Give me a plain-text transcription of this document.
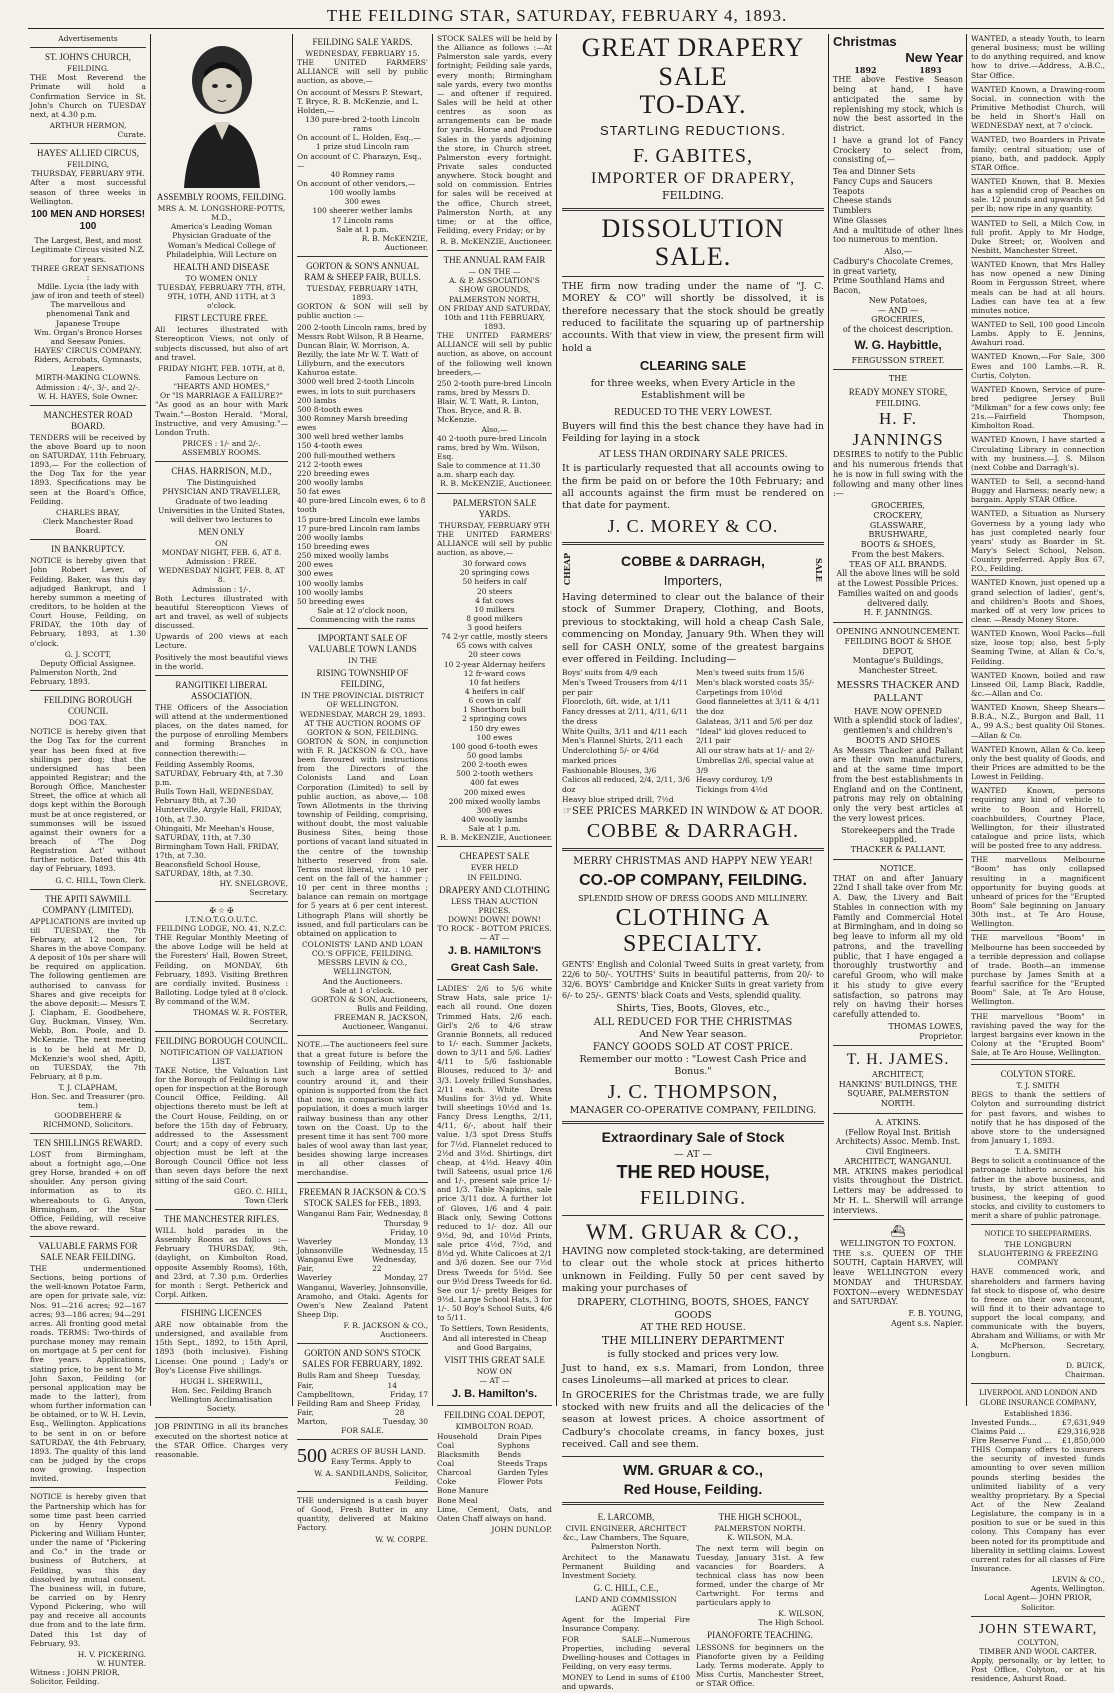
THE FEILDING STAR, SATURDAY, FEBRUARY 4, 1893.
Advertisements
ST. JOHN'S CHURCH,
FEILDING.

THE Most Reverend the Primate will hold a Confirmation Service in St. John's Church on TUESDAY next, at 4.30 p.m.

ARTHUR HERMON,
Curate.
HAYES' ALLIED CIRCUS,
FEILDING,
THURSDAY, FEBRUARY 9TH.

After a most successful season of three weeks in Wellington.

100 MEN AND HORSES! 100
The Largest, Best, and most Legitimate Circus visited N.Z. for years.
THREE GREAT SENSATIONS :
Mdlle. Lycia (the lady with jaw of iron and teeth of steel)
The marvellous and phenomenal Tank and Japanese Troupe
Wm. Organ's Bronco Horses and Seesaw Ponies.
HAYES' CIRCUS COMPANY.
Riders, Acrobats, Gymnasts, Leapers.
MIRTH-MAKING CLOWNS.
Admission : 4/-, 3/-, and 2/-.
W. H. HAYES, Sole Owner.
MANCHESTER ROAD BOARD.

TENDERS will be received by the above Board up to noon on SATURDAY, 11th February, 1893,— For the collection of the Dog Tax for the year 1893. Specifications may be seen at the Board's Office, Feilding.

CHARLES BRAY,
Clerk Manchester Road Board.
IN BANKRUPTCY.

NOTICE is hereby given that John Robert Lever, of Feilding, Baker, was this day adjudged Bankrupt, and I hereby summon a meeting of creditors, to be holden at the Court House, Feilding, on FRIDAY, the 10th day of February, 1893, at 1.30 o'clock.

G. J. SCOTT,
Deputy Official Assignee.
Palmerston North, 2nd February, 1893.
FEILDING BOROUGH COUNCIL
DOG TAX.

NOTICE is hereby given that the Dog Tax for the current year has been fixed at five shillings per dog; that the undersigned has been appointed Registrar; and the Borough Office, Manchester Street, the office at which all dogs kept within the Borough must be at once registered, or summonses will be issued against their owners for a breach of 'The Dog Registration Act' without further notice. Dated this 4th day of February, 1893.

G. C. HILL, Town Clerk.
THE APITI SAWMILL COMPANY (LIMITED).

APPLICATIONS are invited up till TUESDAY, the 7th February, at 12 noon, for Shares in the above Company. A deposit of 10s per share will be required on application. The following gentlemen are authorised to canvass for Shares and give receipts for the above deposit:— Messrs T. J. Clapham, E. Goodbehere, Guy, Buckman, Vinsey, Wm. Webb, Bon. Poole, and D. McKenzie. The next meeting is to be held at Mr D. McKenzie's wool shed, Apiti, on TUESDAY, the 7th February, at 8 p.m.

T. J. CLAPHAM,
Hon. Sec. and Treasurer (pro. tem.)
GOODBEHERE & RICHMOND, Solicitors.
TEN SHILLINGS REWARD.

LOST from Birmingham, about a fortnight ago,—One grey Horse, branded + on off shoulder. Any person giving information as to its whereabouts to G. Anyon, Birmingham, or the Star Office, Feilding, will receive the above reward.

VALUABLE FARMS FOR SALE NEAR FEILDING.

THE undermentioned Sections, being portions of the well-known Potatoe Farm, are open for private sale, viz: Nos. 91—216 acres; 92—167 acres; 93—186 acres; 94—291 acres. All fronting good metal roads. TERMS: Two-thirds of purchase money may remain on mortgage at 5 per cent for five years. Applications, stating price, to be sent to Mr John Saxon, Feilding (or personal application may be made to the latter), from whom further information can be obtained, or to W. H. Levin, Esq., Wellington. Applications to be sent in on or before SATURDAY, the 4th February, 1893. The quality of this land can be judged by the crops now growing. Inspection invited.

NOTICE is hereby given that the Partnership which has for some time past been carried on by Henry Vypond Pickering and William Hunter, under the name of "Pickering and Co." in the trade or business of Butchers, at Feilding, was this day dissolved by mutual consent. The business will, in future, be carried on by Henry Vypond Pickering, who will pay and receive all accounts due from and to the late firm. Dated this 1st day of February, 93.

H. V. PICKERING.
W. HUNTER.
Witness : JOHN PRIOR, Solicitor, Feilding.
ASSEMBLY ROOMS, FEILDING.
MRS A. M. LONGSHORE-POTTS, M.D.,
America's Leading Woman Physician Graduate of the Woman's Medical College of Philadelphia, Will Lecture on
HEALTH AND DISEASE
TO WOMEN ONLY
TUESDAY, FEBRUARY 7TH, 8TH, 9TH, 10TH, AND 11TH, at 3 o'clock.
FIRST LECTURE FREE.

All lectures illustrated with Stereopticon Views, not only of subjects discussed, but also of art and travel.

FRIDAY NIGHT, FEB. 10TH, at 8, Famous Lecture on
"HEARTS AND HOMES,"
Or "IS MARRIAGE A FAILURE?"

"As good as an hour with Mark Twain."—Boston Herald. "Moral, Instructive, and very Amusing."—London Truth.

PRICES : 1/- and 2/-.
ASSEMBLY ROOMS.
CHAS. HARRISON, M.D.,
The Distinguished
PHYSICIAN AND TRAVELLER, Graduate of two leading Universities in the United States, will deliver two lectures to
MEN ONLY
ON
MONDAY NIGHT, FEB. 6, AT 8.
Admission : FREE.
WEDNESDAY NIGHT, FEB. 8, AT 8.
Admission : 1/-.

Both Lectures illustrated with beautiful Stereopticon Views of art and travel, as well of subjects discussed.

Upwards of 200 views at each Lecture.

Positively the most beautiful views in the world.

RANGITIKEI LIBERAL ASSOCIATION.

THE Officers of the Association will attend at the undermentioned places, on the dates named, for the purpose of enrolling Members and forming Branches in connection therewith:—

Feilding Assembly Rooms, SATURDAY, February 4th, at 7.30 p.m.
Bulls Town Hall, WEDNESDAY, February 8th, at 7.30
Hunterville, Argyle Hall, FRIDAY, 10th, at 7.30.
Ohingaiti, Mr Meehan's House, SATURDAY, 11th, at 7.30
Birmingham Town Hall, FRIDAY, 17th, at 7.30.
Beaconsfield School House, SATURDAY, 18th, at 7.30.
HY. SNELGROVE,
Secretary.
✠ ☆ ✠
I.T.N.O.T.G.O.U.T.C.
FEILDING LODGE, NO. 41, N.Z.C.

THE Regular Monthly Meeting of the above Lodge will be held at the Foresters' Hall, Bowen Street, Feilding, on MONDAY, 6th February, 1893. Visiting Brethren are cordially invited. Business : Balloting. Lodge tyled at 8 o'clock. By command of the W.M.

THOMAS W. R. FOSTER,
Secretary.
FEILDING BOROUGH COUNCIL.
NOTIFICATION OF VALUATION LIST.

TAKE Notice, the Valuation List for the Borough of Feilding is now open for inspection at the Borough Council Office, Feilding. All objections thereto must be left at the Court House, Feilding, on or before the 15th day of February, addressed to the Assessment Court; and a copy of every such objection must be left at the Borough Council Office not less than seven days before the next sitting of the said Court.

GEO. C. HILL,
Town Clerk
THE MANCHESTER RIFLES.

WILL hold parades in the Assembly Rooms as follows :— February THURSDAY, 9th, (daylight, on Kimbolton Road, opposite Assembly Rooms), 16th, and 23rd, at 7.30 p.m. Orderlies for month : Sergt. Petherick and Corpl. Aitken.

FISHING LICENCES

ARE now obtainable from the undersigned, and available from 15th Sept., 1892, to 15th April, 1893 (both inclusive). Fishing License: One pound ; Lady's or Boy's License Five shillings.

HUGH L. SHERWILL,
Hon. Sec. Feilding Branch Wellington Acclimatisation Society.

JOB PRINTING in all its branches executed on the shortest notice at the STAR Office. Charges very reasonable.

FEILDING SALE YARDS.
WEDNESDAY, FEBRUARY 15.

THE UNITED FARMERS' ALLIANCE will sell by public auction, as above,—

On account of Messrs P. Stewart, T. Bryce, R. B. McKenzie, and L. Holden,—
130 pure-bred 2-tooth Lincoln rams
On account of L. Holden, Esq.,—
1 prize stud Lincoln ram
On account of C. Pharazyn, Esq.,—
40 Romney rams
On account of other vendors,—
100 woolly lambs
300 ewes
100 sheerer wether lambs
17 Lincoln rams
Sale at 1 p.m.
R. B. McKENZIE,
Auctioneer.
GORTON & SON'S ANNUAL RAM & SHEEP FAIR, BULLS.
TUESDAY, FEBRUARY 14TH, 1893.

GORTON & SON will sell by public auction :—

200 2-tooth Lincoln rams, bred by Messrs Robt Wilson, R B Hearne, Duncan Blair, W. Morrison, A. Bezilly, the late Mr W. T. Watt of Lillyburn, and the executors Kahuroa estate.
3000 well bred 2-tooth Lincoln ewes, in lots to suit purchasers
200 lambs
500 8-tooth ewes
300 Romney Marsh breeding ewes
300 well bred wether lambs
150 4-tooth ewes
200 full-mouthed wethers
212 2-tooth ewes
220 breeding ewes
200 woolly lambs
50 fat ewes
40 pure-bred Lincoln ewes, 6 to 8 tooth
15 pure-bred Lincoln ewe lambs
17 pure-bred Lincoln ram lambs
200 woolly lambs
150 breeding ewes
250 mixed woolly lambs
200 ewes
300 ewes
100 woolly lambs
100 woolly lambs
50 breeding ewes
Sale at 12 o'clock noon, Commencing with the rams
IMPORTANT SALE OF VALUABLE TOWN LANDS
IN THE
RISING TOWNSHIP OF FEILDING,
IN THE PROVINCIAL DISTRICT OF WELLINGTON.
WEDNESDAY, MARCH 29, 1893.
AT THE AUCTION ROOMS OF GORTON & SON, FEILDING.

GORTON & SON, in conjunction with F. R. JACKSON & CO., have been favoured with instructions from the Directors of the Colonists Land and Loan Corporation (Limited) to sell by public auction, as above,— 108 Town Allotments in the thriving township of Feilding, comprising, without doubt, the most valuable Business Sites, being those portions of vacant land situated in the centre of the township hitherto reserved from sale. Terms most liberal, viz. : 10 per cent on the fall of the hammer ; 10 per cent in three months ; balance can remain on mortgage for 5 years at 6 per cent interest. Lithograph Plans will shortly be issued, and full particulars can be obtained on application to

COLONISTS' LAND AND LOAN CO.'S OFFICE, FEILDING.
MESSRS LEVIN & CO., WELLINGTON,
And the Auctioneers.
Sale at 1 o'clock.
GORTON & SON, Auctioneers, Bulls and Feilding.
FREEMAN R. JACKSON, Auctioneer, Wanganui.

NOTE.—The auctioneers feel sure that a great future is before the township of Feilding, which has such a large area of settled country around it, and their opinion is supported from the fact that now, in comparison with its population, it does a much larger railway business than any other town on the Coast. Up to the present time it has sent 700 more bales of wool away than last year, besides showing large increases in all other classes of merchandise.

FREEMAN R JACKSON & CO.'S STOCK SALES for FEB., 1893.
Wanganui Ram Fair, Wednesday, 8
Thursday, 9
Friday, 10
Waverley	Monday, 13
Johnsonville	Wednesday, 15
Wanganui Ewe Fair,
Wednesday, 22
Waverley	Monday, 27

Wanganui, Waverley, Johnsonville, Aramoho, and Otaki. Agents for Owen's New Zealand Patent Sheep Dip.

F. R. JACKSON & CO., Auctioneers.
GORTON AND SON'S STOCK SALES FOR FEBRUARY, 1892.
Bulls Ram and Sheep Fair,
Tuesday, 14
Campbelltown,	Friday, 17
Feilding Ram and Sheep Fair,
Friday, 28
Marton,	Tuesday, 30
FOR SALE.
500 ACRES OF BUSH LAND. Easy Terms. Apply to
W. A. SANDILANDS, Solicitor, Feilding.

THE undersigned is a cash buyer of Good, Fresh Butter in any quantity, delivered at Makino Factory.

W. W. CORPE.

STOCK SALES will be held by the Alliance as follows :—At Palmerston sale yards, every fortnight; Feilding sale yards, every month; Birmingham sale yards, every two months — and oftener if required. Sales will be held at other centres as soon as arrangements can be made for yards. Horse and Produce Sales in the yards adjoining the store, in Church street, Palmerston every fortnight. Private sales conducted anywhere. Stock bought and sold on commission. Entries for sales will be received at the office, Church street, Palmerston North, at any time; or at the office, Feilding, every Friday; or by

R. B. McKENZIE, Auctioneer.
THE ANNUAL RAM FAIR
— ON THE —
A. & P. ASSOCIATION'S SHOW GROUNDS, PALMERSTON NORTH,
ON FRIDAY AND SATURDAY, 10th and 11th FEBRUARY, 1893.

THE UNITED FARMERS' ALLIANCE will sell by public auction, as above, on account of the following well known breeders,—

250 2-tooth pure-bred Lincoln rams, bred by Messrs D. Blair, W. T. Watt, R. Linton, Thos. Bryce, and R. B. McKenzie.
Also,—
40 2-tooth pure-bred Lincoln rams, bred by Wm. Wilson, Esq.
Sale to commence at 11.30 a.m. sharp each day.
R. B. McKENZIE, Auctioneer.
PALMERSTON SALE YARDS.
THURSDAY, FEBRUARY 9TH

THE UNITED FARMERS' ALLIANCE will sell by public auction, as above,—

30 forward cows
20 springing cows
50 heifers in calf
20 steers
4 fat cows
10 milkers
8 good milkers
3 good heifers
74 2-yr cattle, mostly steers
65 cows with calves
20 steer cows
10 2-year Aldernay heifers
12 fr-ward cows
10 fat heifers
4 heifers in calf
6 cows in calf
1 Shorthorn bull
2 springing cows
150 dry ewes
100 ewes
100 good 6-tooth ewes
50 good lambs
200 2-tooth ewes
500 2-tooth wethers
400 fat ewes
200 mixed ewes
200 mixed woolly lambs
300 ewes
400 woolly lambs
Sale at 1 p.m.
R. B. McKENZIE, Auctioneer.
CHEAPEST SALE
EVER HELD
IN FEILDING.
DRAPERY AND CLOTHING
LESS THAN AUCTION PRICES.
DOWN! DOWN! DOWN!
TO ROCK - BOTTOM PRICES.
— AT —
J. B. HAMILTON'S
Great Cash Sale.

LADIES' 2/6 to 5/6 white Straw Hats, sale price 1/- each all round. One dozen Trimmed Hats, 2/6 each. Girl's 2/6 to 4/6 straw Grannie Bonnets, all reduced to 1/- each. Summer Jackets, down to 3/11 and 5/6. Ladies' 4/11 to 5/6 fashionable Blouses, reduced to 3/- and 3/3. Lovely frilled Sunshades, 2/11 each. White Dress Muslins for 3½d yd. White twill sheetings 10½d and 1s. Fancy Dress Lengths, 2/11, 4/11, 6/-, about half their value. 1/3 spot Dress Stuffs for 7½d. Flannelet reduced to 2½d and 3½d. Shirtings, dirt cheap, at 4½d. Heavy 40in twill Sateens, usual price 1/6 and 1/-, present sale price 1/- and 1/3. Table Napkins, sale price 3/11 doz. A further lot of Gloves, 1/6 and 4 pair. Black only, Sewing Cottons reduced to 1/- doz. All our 9½d, 9d, and 10½d Prints, sale price 4½d, 7½d, and 8½d yd. White Calicoes at 2/1 and 3/6 dozen. See our 7½d Dress Tweeds for 5½d. See our 9½d Dress Tweeds for 6d. See our 1/- pretty Beiges for 9½d. Large School Hats, 3 for 1/-. 50 Boy's School Suits, 4/6 to 5/11.

To Settlers, Town Residents, And all interested in Cheap and Good Bargains,
VISIT THIS GREAT SALE
NOW ON
— AT —
J. B. Hamilton's.
FEILDING COAL DEPOT,
KIMBOLTON ROAD.
Household Coal
Blacksmith Coal
Charcoal
Coke
Bone Manure
Bone Meal
Drain Pipes
Syphons
Bends
Steeds Traps
Garden Tyles
Flower Pots

Lime, Cement, Oats, and Oaten Chaff always on hand.

JOHN DUNLOP.
GREAT DRAPERY SALE
TO-DAY.
STARTLING REDUCTIONS.
F. GABITES,
IMPORTER OF DRAPERY,
FEILDING.
DISSOLUTION SALE.

THE firm now trading under the name of "J. C. MOREY & CO" will shortly be dissolved, it is therefore necessary that the stock should be greatly reduced to facilitate the squaring up of partnership accounts. With that view in view, the present firm will hold a

CLEARING SALE
for three weeks, when Every Article in the Establishment will be
REDUCED TO THE VERY LOWEST.

Buyers will find this the best chance they have had in Feilding for laying in a stock

AT LESS THAN ORDINARY SALE PRICES.

It is particularly requested that all accounts owing to the firm be paid on or before the 10th February; and all accounts against the firm must be rendered on that date for payment.

J. C. MOREY & CO.
CHEAP	COBBE & DARRAGH,
Importers,	SALE

Having determined to clear out the balance of their stock of Summer Drapery, Clothing, and Boots, previous to stocktaking, will hold a cheap Cash Sale, commencing on Monday, January 9th. When they will sell for CASH ONLY, some of the greatest bargains ever offered in Feilding. Including—

Boys' suits from 4/9 each
Men's Tweed Trousers from 4/11 per pair
Floorcloth, 6ft. wide, at 1/11
Fancy dresses at 2/11, 4/11, 6/11 the dress
White Quilts, 3/11 and 4/11 each
Men's Flannel Shirts, 2/11 each
Underclothing 5/- or 4/6d marked prices
Fashionable Blouses, 3/6
Calicos all reduced, 2/4, 2/11, 3/6 doz
Heavy blue striped drill, 7½d
Men's tweed suits from 15/6
Men's black worsted coats 35/-
Carpetings from 10½d
Good flannelettes at 3/11 & 4/11 the doz
Galateas, 3/11 and 5/6 per doz
"Ideal" kid gloves reduced to 2/11 pair
All our straw hats at 1/- and 2/-
Umbrellas 2/6, special value at 3/9
Heavy corduroy, 1/9
Tickings from 4½d
☞SEE PRICES MARKED IN WINDOW & AT DOOR.
COBBE & DARRAGH.
MERRY CHRISTMAS AND HAPPY NEW YEAR!
CO.-OP COMPANY, FEILDING.
SPLENDID SHOW OF DRESS GOODS AND MILLINERY.
CLOTHING A SPECIALTY.

GENTS' English and Colonial Tweed Suits in great variety, from 22/6 to 50/-. YOUTHS' Suits in beautiful patterns, from 20/- to 32/6. BOYS' Cambridge and Knicker Suits in great variety from 6/- to 25/-. GENTS' black Coats and Vests, splendid quality.

Shirts, Ties, Boots, Gloves, etc.,
ALL REDUCED FOR THE CHRISTMAS
And New Year season.
FANCY GOODS SOLD AT COST PRICE.
Remember our motto : "Lowest Cash Price and Bonus."
J. C. THOMPSON,
MANAGER CO-OPERATIVE COMPANY, FEILDING.
Extraordinary Sale of Stock
— AT —
THE RED HOUSE,
FEILDING.
WM. GRUAR & CO.,

HAVING now completed stock-taking, are determined to clear out the whole stock at prices hitherto unknown in Feilding. Fully 50 per cent saved by making your purchases of

DRAPERY, CLOTHING, BOOTS, SHOES, FANCY GOODS
AT THE RED HOUSE.
THE MILLINERY DEPARTMENT
is fully stocked and prices very low.

Just to hand, ex s.s. Mamari, from London, three cases Linoleums—all marked at prices to clear.

In GROCERIES for the Christmas trade, we are fully stocked with new fruits and all the delicacies of the season at lowest prices. A choice assortment of Cadbury's chocolate creams, in fancy boxes, just received. Call and see them.

WM. GRUAR & CO.,
Red House, Feilding.
E. LARCOMB,
CIVIL ENGINEER, ARCHITECT &c., Law Chambers, The Square, Palmerston North.

Architect to the Manawatu Permanent Building and Investment Society.

G. C. HILL, C.E.,
LAND AND COMMISSION AGENT

Agent for the Imperial Fire Insurance Company.

FOR SALE—Numerous Properties, including several Dwelling-houses and Cottages in Feilding, on very easy terms.

MONEY to Lend in sums of £100 and upwards.

THE HIGH SCHOOL,
PALMERSTON NORTH.
K. WILSON, M.A.

The next term will begin on Tuesday, January 31st. A few vacancies for Boarders. A technical class has now been formed, under the charge of Mr Cartwright. For terms and particulars apply to

K. WILSON,
The High School.
PIANOFORTE TEACHING.

LESSONS for beginners on the Pianoforte given by a Feilding Lady. Terms moderate. Apply to Miss Curtis, Manchester Street, or STAR Office.

Christmas
New Year
1892	1893

THE above Festive Season being at hand, I have anticipated the same by replenishing my stock, which is now the best assorted in the district.

I have a grand lot of Fancy Crockery to select from, consisting of,—

Tea and Dinner Sets
Fancy Cups and Saucers
Teapots
Cheese stands
Tumblers
Wine Glasses

And a multitude of other lines too numerous to mention.

Also,—
Cadbury's Chocolate Cremes, in great variety,
Prime Southland Hams and Bacon,
New Potatoes,
— AND —
GROCERIES,
of the choicest description.
W. G. Haybittle,
FERGUSSON STREET.
THE
READY MONEY STORE,
FEILDING.
H. F. JANNINGS

DESIRES to notify to the Public and his numerous friends that he is now in full swing with the following and many other lines :—

GROCERIES,
CROCKERY,
GLASSWARE,
BRUSHWARE,
BOOTS & SHOES,
From the best Makers.
TEAS OF ALL BRANDS.
All the above lines will be sold at the Lowest Possible Prices.
Families waited on and goods delivered daily.
H. F. JANNINGS.
OPENING ANNOUNCEMENT.
FEILDING BOOT & SHOE DEPOT,
Montague's Buildings,
Manchester Street.
MESSRS THACKER AND PALLANT
HAVE NOW OPENED
With a splendid stock of ladies', gentlemen's and children's
BOOTS AND SHOES

As Messrs Thacker and Pallant are their own manufacturers, and at the same time import from the best establishments in England and on the Continent, patrons may rely on obtaining only the very best articles at the very lowest prices.

Storekeepers and the Trade supplied.
THACKER & PALLANT.
NOTICE.

THAT on and after January 22nd I shall take over from Mr. A. Daw, the Livery and Bait Stables in connection with my Family and Commercial Hotel at Birmingham, and in doing so beg leave to inform all my old patrons, and the travelling public, that I have engaged a thoroughly trustworthy and careful Groom, who will make it his study to give every satisfaction, so patrons may rely on having their horses carefully attended to.

THOMAS LOWES,
Proprietor.
T. H. JAMES.
ARCHITECT,
HANKINS' BUILDINGS, THE SQUARE, PALMERSTON NORTH.
A. ATKINS.
(Fellow Royal Inst. British Architects) Assoc. Memb. Inst. Civil Engineers.
ARCHITECT, WANGANUI.

MR. ATKINS makes periodical visits throughout the District. Letters may be addressed to Mr H. L. Sherwill will arrange interviews.

⛴
WELLINGTON TO FOXTON.

THE s.s. QUEEN OF THE SOUTH, Captain HARVEY, will leave WELLINGTON every MONDAY and THURSDAY. FOXTON—every WEDNESDAY and SATURDAY.

F. B. YOUNG,
Agent s.s. Napier.

WANTED, a steady Youth, to learn general business; must be willing to do anything required, and know how to drive.—Address, A.B.C., Star Office.

WANTED Known, a Drawing-room Social, in connection with the Primitive Methodist Church, will be held in Short's Hall on WEDNESDAY next, at 7 o'clock.

WANTED, two Boarders in Private family; central situation; use of piano, bath, and paddock. Apply STAR Office.

WANTED Known, that B. Mexies has a splendid crop of Peaches on sale. 12 pounds and upwards at 5d per lb; now ripe in any quantity.

WANTED to Sell, a Milch Cow, in full profit. Apply to Mr Hodge, Duke Street; or, Woolven and Nesbitt, Manchester Street.

WANTED Known, that Mrs Halley has now opened a new Dining Room in Fergusson Street, where meals can be had at all hours. Ladies can have tea at a few minutes notice.

WANTED to Sell, 100 good Lincoln Lambs. Apply to E. Jennins, Awahuri road.

WANTED Known,—For Sale, 300 Ewes and 100 Lambs.—R. R. Curtis, Colyton.

WANTED Known, Service of pure-bred pedigree Jersey Bull "Milkman" for a few cows only; fee 21s.—Fairfield Thompson, Kimbolton Road.

WANTED Known, I have started a Circulating Library in connection with my business.—J. S. Milson (next Cobbe and Darragh's).

WANTED to Sell, a second-hand Buggy and Harness; nearly new; a bargain. Apply STAR Office.

WANTED, a Situation as Nursery Governess by a young lady who has just completed nearly four years' study as Boarder in St. Mary's Select School, Nelson. Country preferred. Apply Box 67, P.O., Feilding.

WANTED Known, just opened up a grand selection of ladies', gent's, and children's Boots and Shoes, marked off at very low prices to clear. —Ready Money Store.

WANTED Known, Wool Packs—full size, loose top; also, best 5-ply Seaming Twine, at Allan & Co.'s, Feilding.

WANTED Known, boiled and raw Linseed Oil, Lamp Black, Raddle, &c.—Allan and Co.

WANTED Known, Sheep Shears—B.B.A., N.Z., Burgon and Ball, 11 A., 99 A.S.; best quality Oil Stones.—Allan & Co.

WANTED Known, Allan & Co. keep only the best quality of Goods, and their Prices are admitted to be the Lowest in Feilding.

WANTED Known, persons requiring any kind of vehicle to write to Boon and Horrell, coachbuilders, Courtney Place, Wellington, for their illustrated catalogue and price lists, which will be posted free to any address.

THE marvellous Melbourne "Boom" has only collapsed resulting in a magnificent opportunity for buying goods at unheard of prices for the "Erupted Boom" Sale beginning on January 30th inst., at Te Aro House, Wellington.

THE marvellous "Boom" in Melbourne has been succeeded by a terrible depression and collapse of trade. Booth—an immense purchase by James Smith at a fearful sacrifice for the "Erupted Boom" Sale, at Te Aro House, Wellington.

THE marvellous "Boom" in ravishing paved the way for the largest bargains ever known in the Colony at the "Erupted Boom" Sale, at Te Aro House, Wellington.

COLYTON STORE.
T. J. SMITH

BEGS to thank the settlers of Colyton and surrounding district for past favors, and wishes to notify that he has disposed of the above store to the undersigned from January 1, 1893.

T. A. SMITH

Begs to solicit a continuance of the patronage hitherto accorded his father in the above business, and trusts, by strict attention to business, the keeping of good stocks, and civility to customers to merit a share of public patronage.

NOTICE TO SHEEPFARMERS.
THE LONGBURN SLAUGHTERING & FREEZING COMPANY

HAVE commenced work, and shareholders and farmers having fat stock to dispose of, who desire to freeze on their own account, will find it to their advantage to support the local company, and communicate with the buyers, Abraham and Williams, or with Mr A. McPherson, Secretary, Longburn.

D. BUICK,
Chairman.
LIVERPOOL AND LONDON AND GLOBE INSURANCE COMPANY,
Established 1836.
Invested Funds...	£7,631,949
Claims Paid ...	£29,316,928
Fire Reserve Fund ... £1,850,000

THIS Company offers to insurers the security of invested funds amounting to over seven million pounds sterling besides the unlimited liability of a very wealthy proprietary. By a Special Act of the New Zealand Legislature, the company is in a position to sue or be sued in this colony. This Company has ever been noted for its promptitude and liberality in settling claims. Lowest current rates for all classes of Fire Insurance.

LEVIN & CO.,
Agents, Wellington.
Local Agent— JOHN PRIOR, Solicitor.
JOHN STEWART,
COLYTON,
TIMBER AND WOOL CARTER.

Apply, personally, or by letter, to Post Office, Colyton, or at his residence, Ashurst Road.
